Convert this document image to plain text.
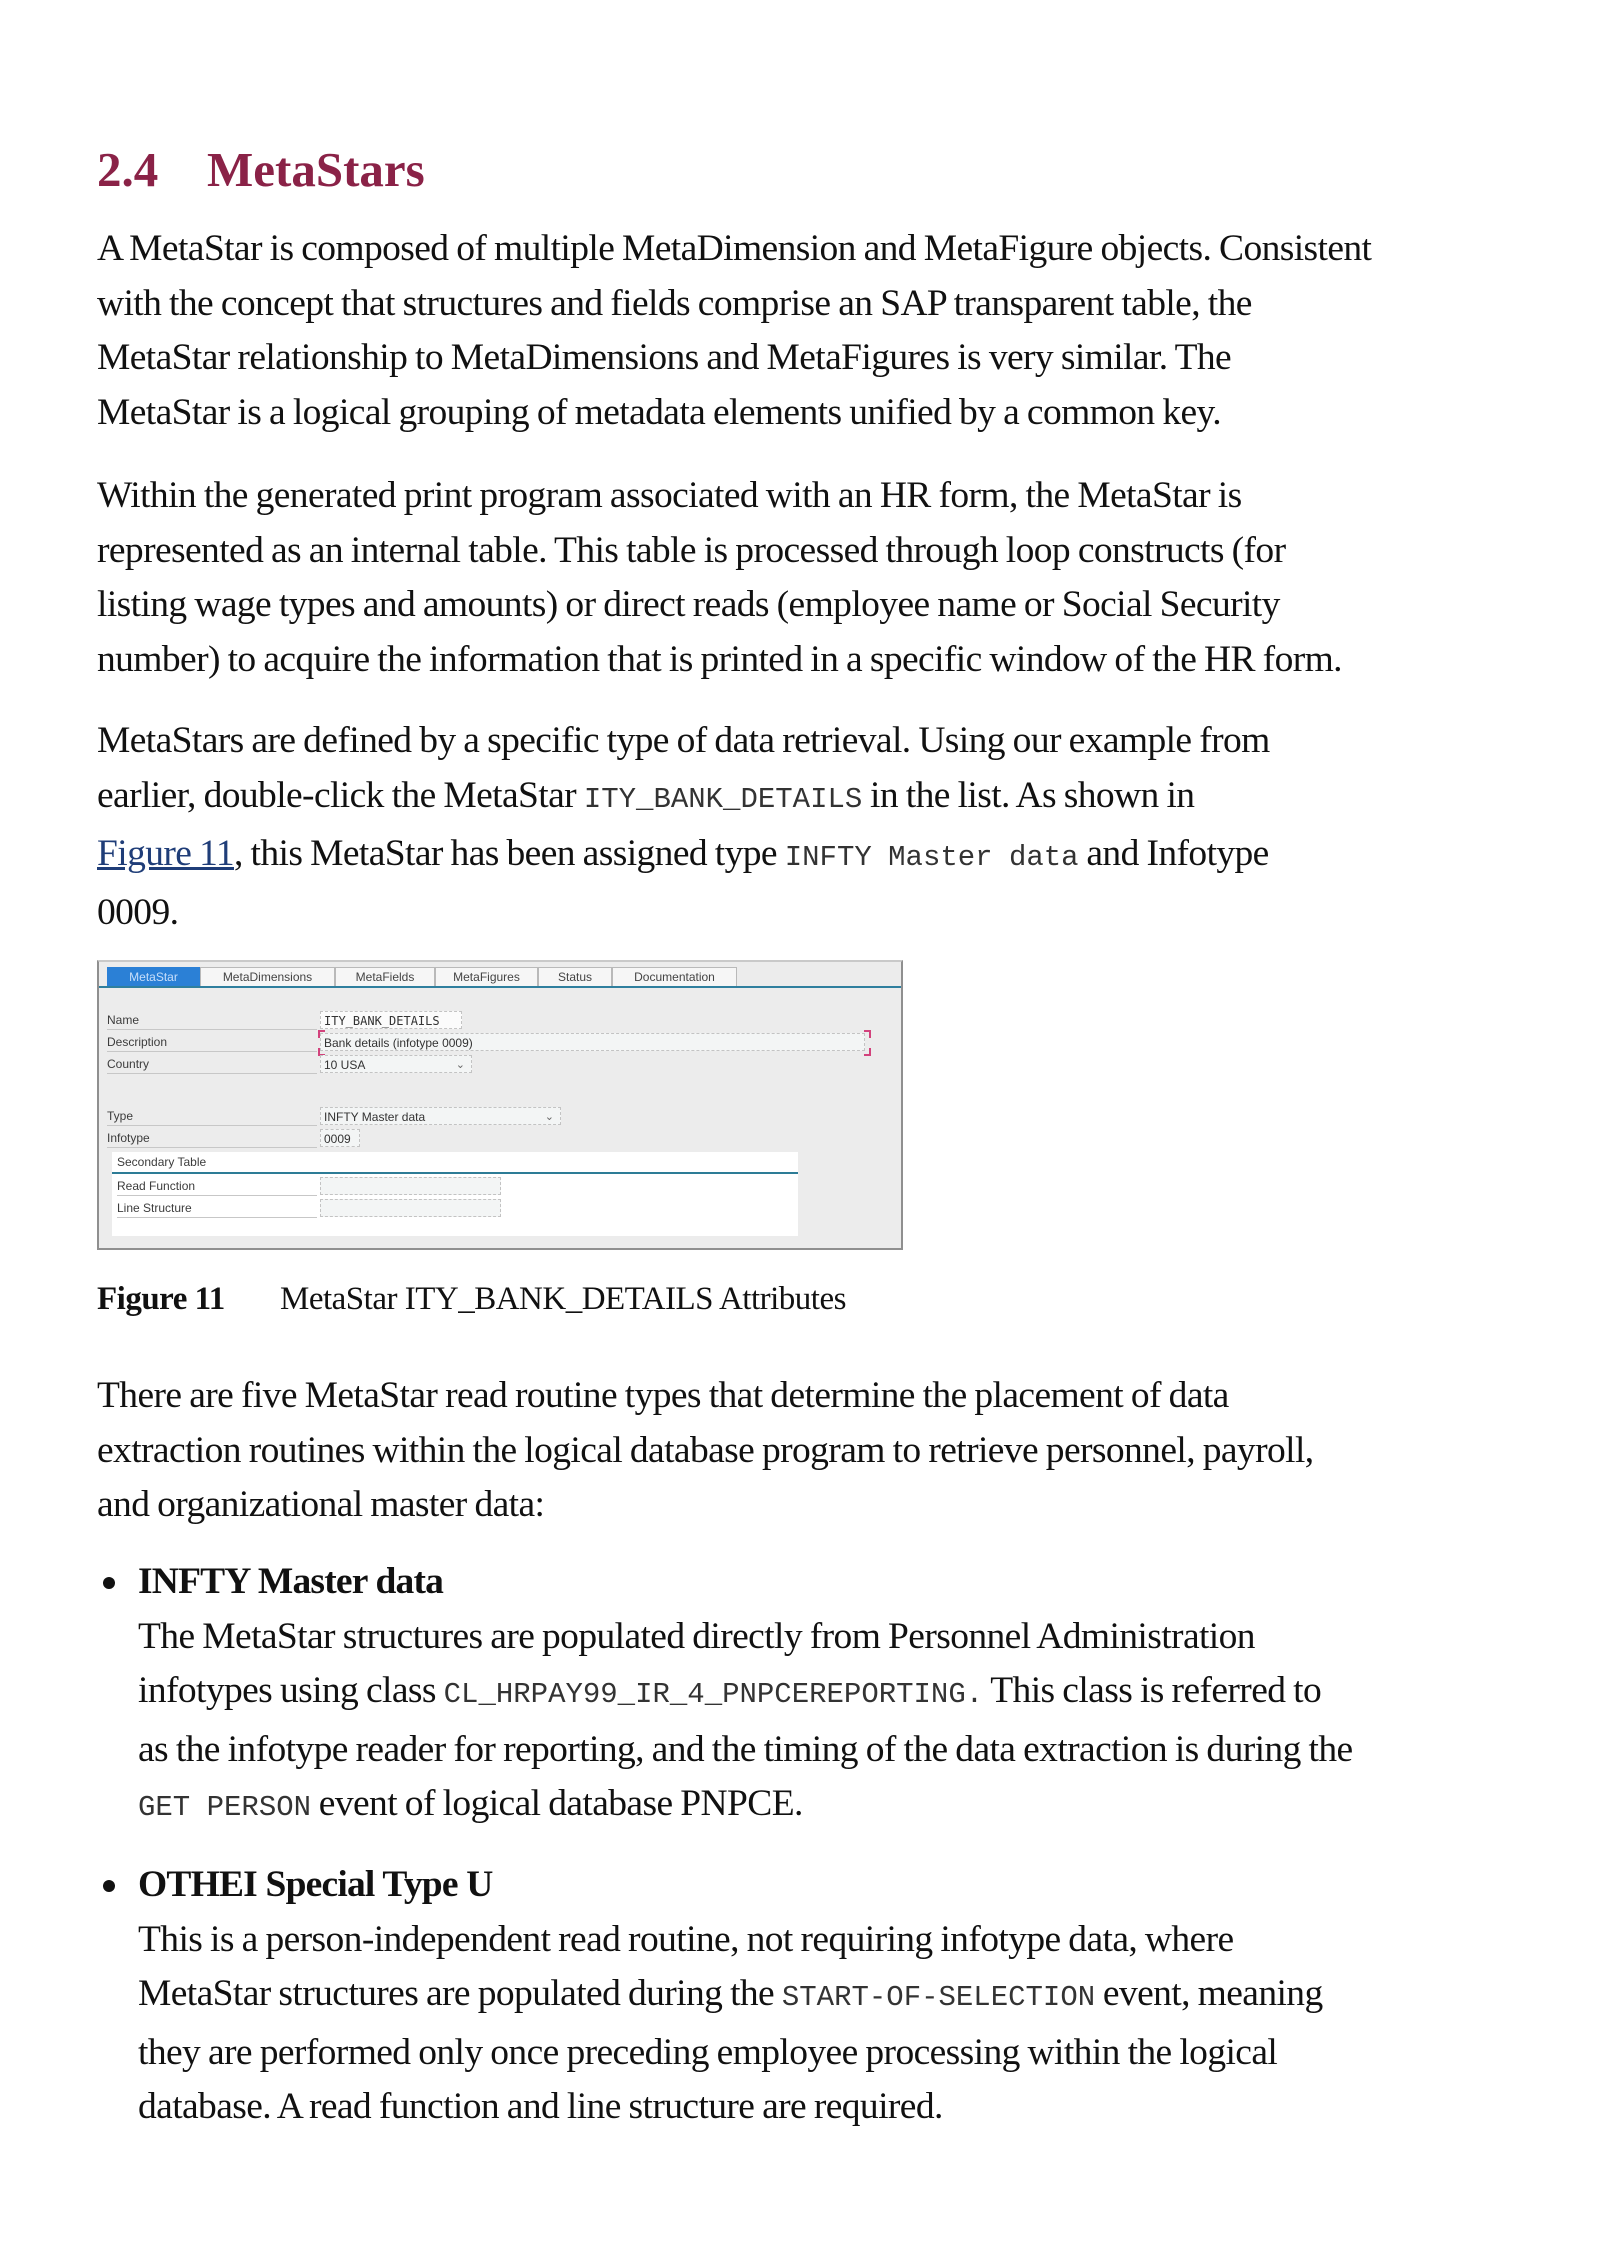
2.4 MetaStars

A MetaStar is composed of multiple MetaDimension and MetaFigure objects. Consistent
with the concept that structures and fields comprise an SAP transparent table, the
MetaStar relationship to MetaDimensions and MetaFigures is very similar. The
MetaStar is a logical grouping of metadata elements unified by a common key.

Within the generated print program associated with an HR form, the MetaStar is
represented as an internal table. This table is processed through loop constructs (for
listing wage types and amounts) or direct reads (employee name or Social Security
number) to acquire the information that is printed in a specific window of the HR form.

MetaStars are defined by a specific type of data retrieval. Using our example from
earlier, double-click the MetaStar ITY_BANK_DETAILS in the list. As shown in
Figure 11, this MetaStar has been assigned type INFTY Master data and Infotype
0009.

MetaStar	MetaDimensions	MetaFields	MetaFigures	Status	Documentation
Name	ITY_BANK_DETAILS
Description	Bank details (infotype 0009)
Country	10 USA	⌄
Type	INFTY Master data	⌄
Infotype	0009
Secondary Table
Read Function
Line Structure

Figure 11 MetaStar ITY_BANK_DETAILS Attributes

There are five MetaStar read routine types that determine the placement of data
extraction routines within the logical database program to retrieve personnel, payroll,
and organizational master data:

INFTY Master data
The MetaStar structures are populated directly from Personnel Administration
infotypes using class CL_HRPAY99_IR_4_PNPCEREPORTING. This class is referred to
as the infotype reader for reporting, and the timing of the data extraction is during the
GET PERSON event of logical database PNPCE.
OTHEI Special Type U
This is a person-independent read routine, not requiring infotype data, where
MetaStar structures are populated during the START-OF-SELECTION event, meaning
they are performed only once preceding employee processing within the logical
database. A read function and line structure are required.
